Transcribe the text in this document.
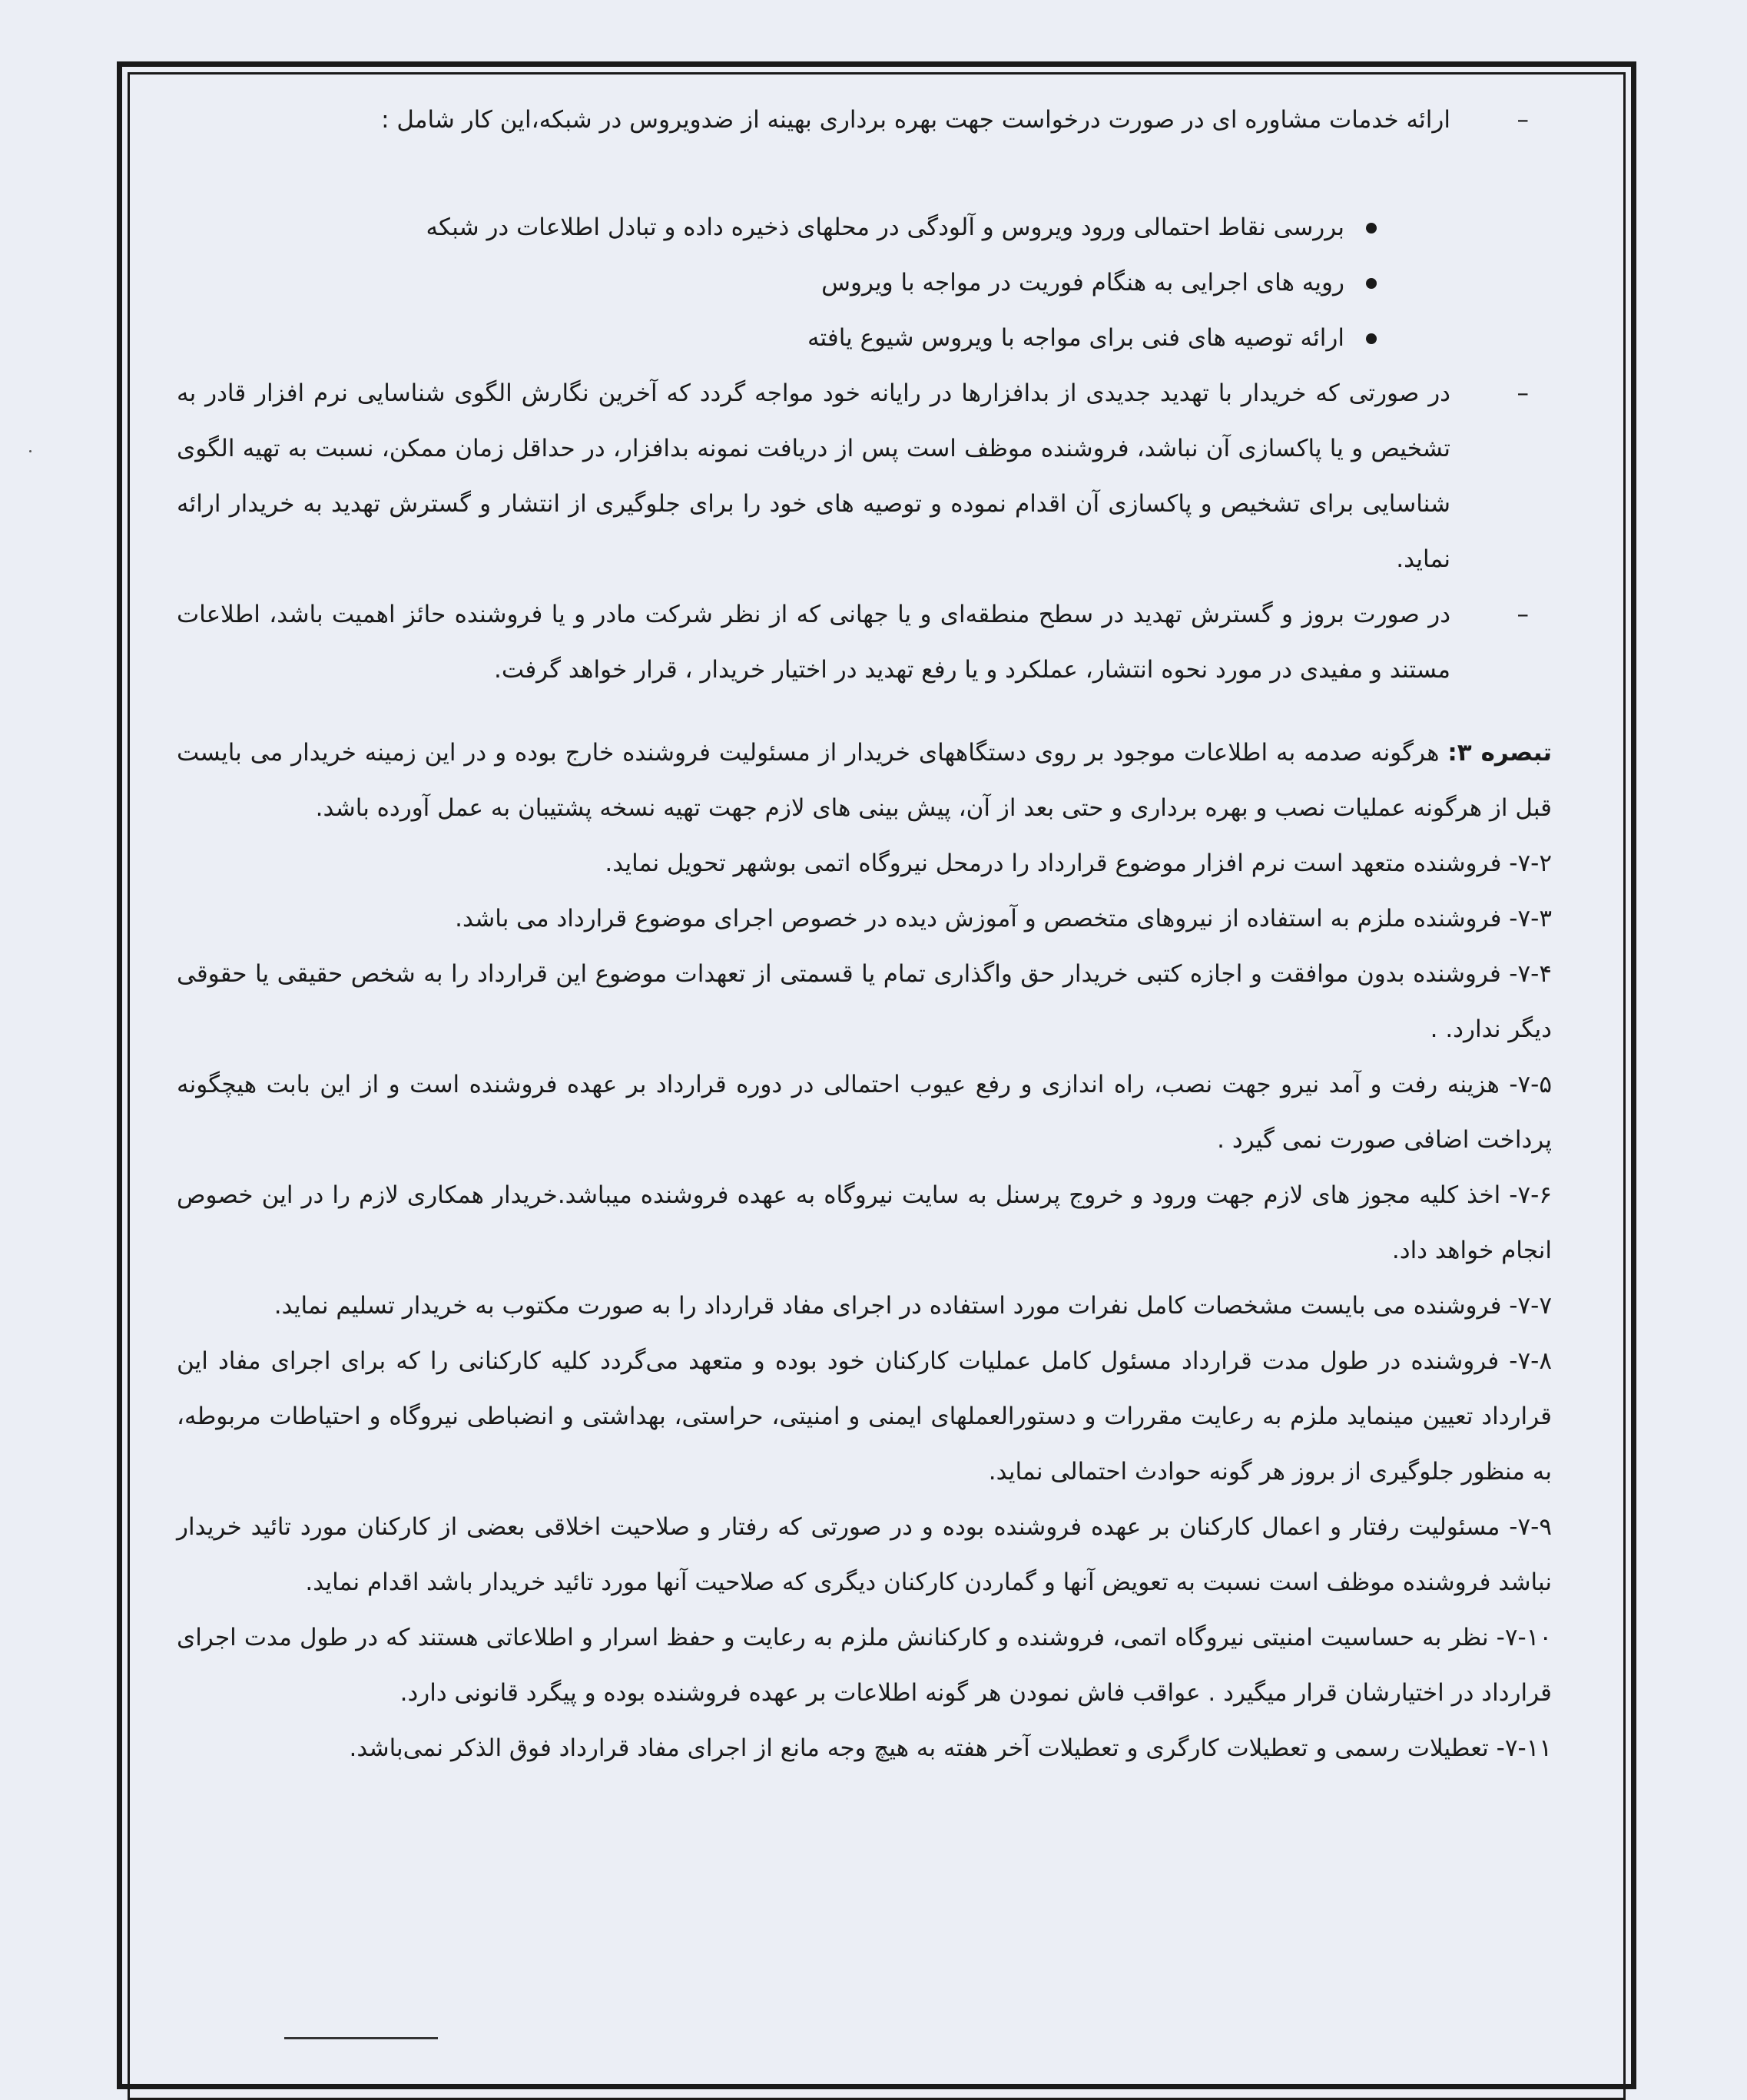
–
ارائه خدمات مشاوره ای در صورت درخواست جهت بهره برداری بهینه از ضدویروس در شبکه،این کار شامل :
بررسی نقاط احتمالی ورود ویروس و آلودگی در محلهای ذخیره داده و تبادل اطلاعات در شبکه
رویه های اجرایی به هنگام فوریت در مواجه با ویروس
ارائه توصیه های فنی برای مواجه با ویروس شیوع یافته
–
در صورتی که خریدار با تهدید جدیدی از بدافزارها در رایانه خود مواجه گردد که آخرین نگارش الگوی شناسایی نرم افزار قادر به تشخیص و یا پاکسازی آن نباشد، فروشنده موظف است پس از دریافت نمونه بدافزار، در حداقل زمان ممکن، نسبت به تهیه الگوی شناسایی برای تشخیص و پاکسازی آن اقدام نموده و توصیه های خود را برای جلوگیری از انتشار و گسترش تهدید به خریدار ارائه نماید.
–
در صورت بروز و گسترش تهدید در سطح منطقه‌ای و یا جهانی که از نظر شرکت مادر و یا فروشنده حائز اهمیت باشد، اطلاعات مستند و مفیدی در مورد نحوه انتشار، عملکرد و یا رفع تهدید در اختیار خریدار ، قرار خواهد گرفت.
تبصره ۳: هرگونه صدمه به اطلاعات موجود بر روی دستگاههای خریدار از مسئولیت فروشنده خارج بوده و در این زمینه خریدار می بایست قبل از هرگونه عملیات نصب و بهره برداری و حتی بعد از آن، پیش بینی های لازم جهت تهیه نسخه پشتیبان به عمل آورده باشد.

۷-۲- فروشنده متعهد است نرم افزار موضوع قرارداد را درمحل نیروگاه اتمی بوشهر تحویل نماید.

۷-۳- فروشنده ملزم به استفاده از نیروهای متخصص و آموزش دیده در خصوص اجرای موضوع قرارداد می باشد.

۷-۴- فروشنده بدون موافقت و اجازه کتبی خریدار حق واگذاری تمام یا قسمتی از تعهدات موضوع این قرارداد را به شخص حقیقی یا حقوقی دیگر ندارد. .

۷-۵- هزینه رفت و آمد نیرو جهت نصب، راه اندازی و رفع عیوب احتمالی در دوره قرارداد بر عهده فروشنده است و از این بابت هیچگونه پرداخت اضافی صورت نمی گیرد .

۷-۶- اخذ کلیه مجوز های لازم جهت ورود و خروج پرسنل به سایت نیروگاه به عهده فروشنده میباشد.خریدار همکاری لازم را در این خصوص انجام خواهد داد.

۷-۷- فروشنده می بایست مشخصات کامل نفرات مورد استفاده در اجرای مفاد قرارداد را به صورت مکتوب به خریدار تسلیم نماید.

۷-۸- فروشنده در طول مدت قرارداد مسئول کامل عملیات کارکنان خود بوده و متعهد می‌گردد کلیه کارکنانی را که برای اجرای مفاد این قرارداد تعیین مینماید ملزم به رعایت مقررات و دستورالعملهای ایمنی و امنیتی، حراستی، بهداشتی و انضباطی نیروگاه و احتیاطات مربوطه، به منظور جلوگیری از بروز هر گونه حوادث احتمالی نماید.

۷-۹- مسئولیت رفتار و اعمال کارکنان بر عهده فروشنده بوده و در صورتی که رفتار و صلاحیت اخلاقی بعضی از کارکنان مورد تائید خریدار نباشد فروشنده موظف است نسبت به تعویض آنها و گماردن کارکنان دیگری که صلاحیت آنها مورد تائید خریدار باشد اقدام نماید.

۷-۱۰- نظر به حساسیت امنیتی نیروگاه اتمی، فروشنده و کارکنانش ملزم به رعایت و حفظ اسرار و اطلاعاتی هستند که در طول مدت اجرای قرارداد در اختیارشان قرار میگیرد . عواقب فاش نمودن هر گونه اطلاعات بر عهده فروشنده بوده و پیگرد قانونی دارد.

۷-۱۱- تعطیلات رسمی و تعطیلات کارگری و تعطیلات آخر هفته به هیچ وجه مانع از اجرای مفاد قرارداد فوق الذکر نمی‌باشد.
